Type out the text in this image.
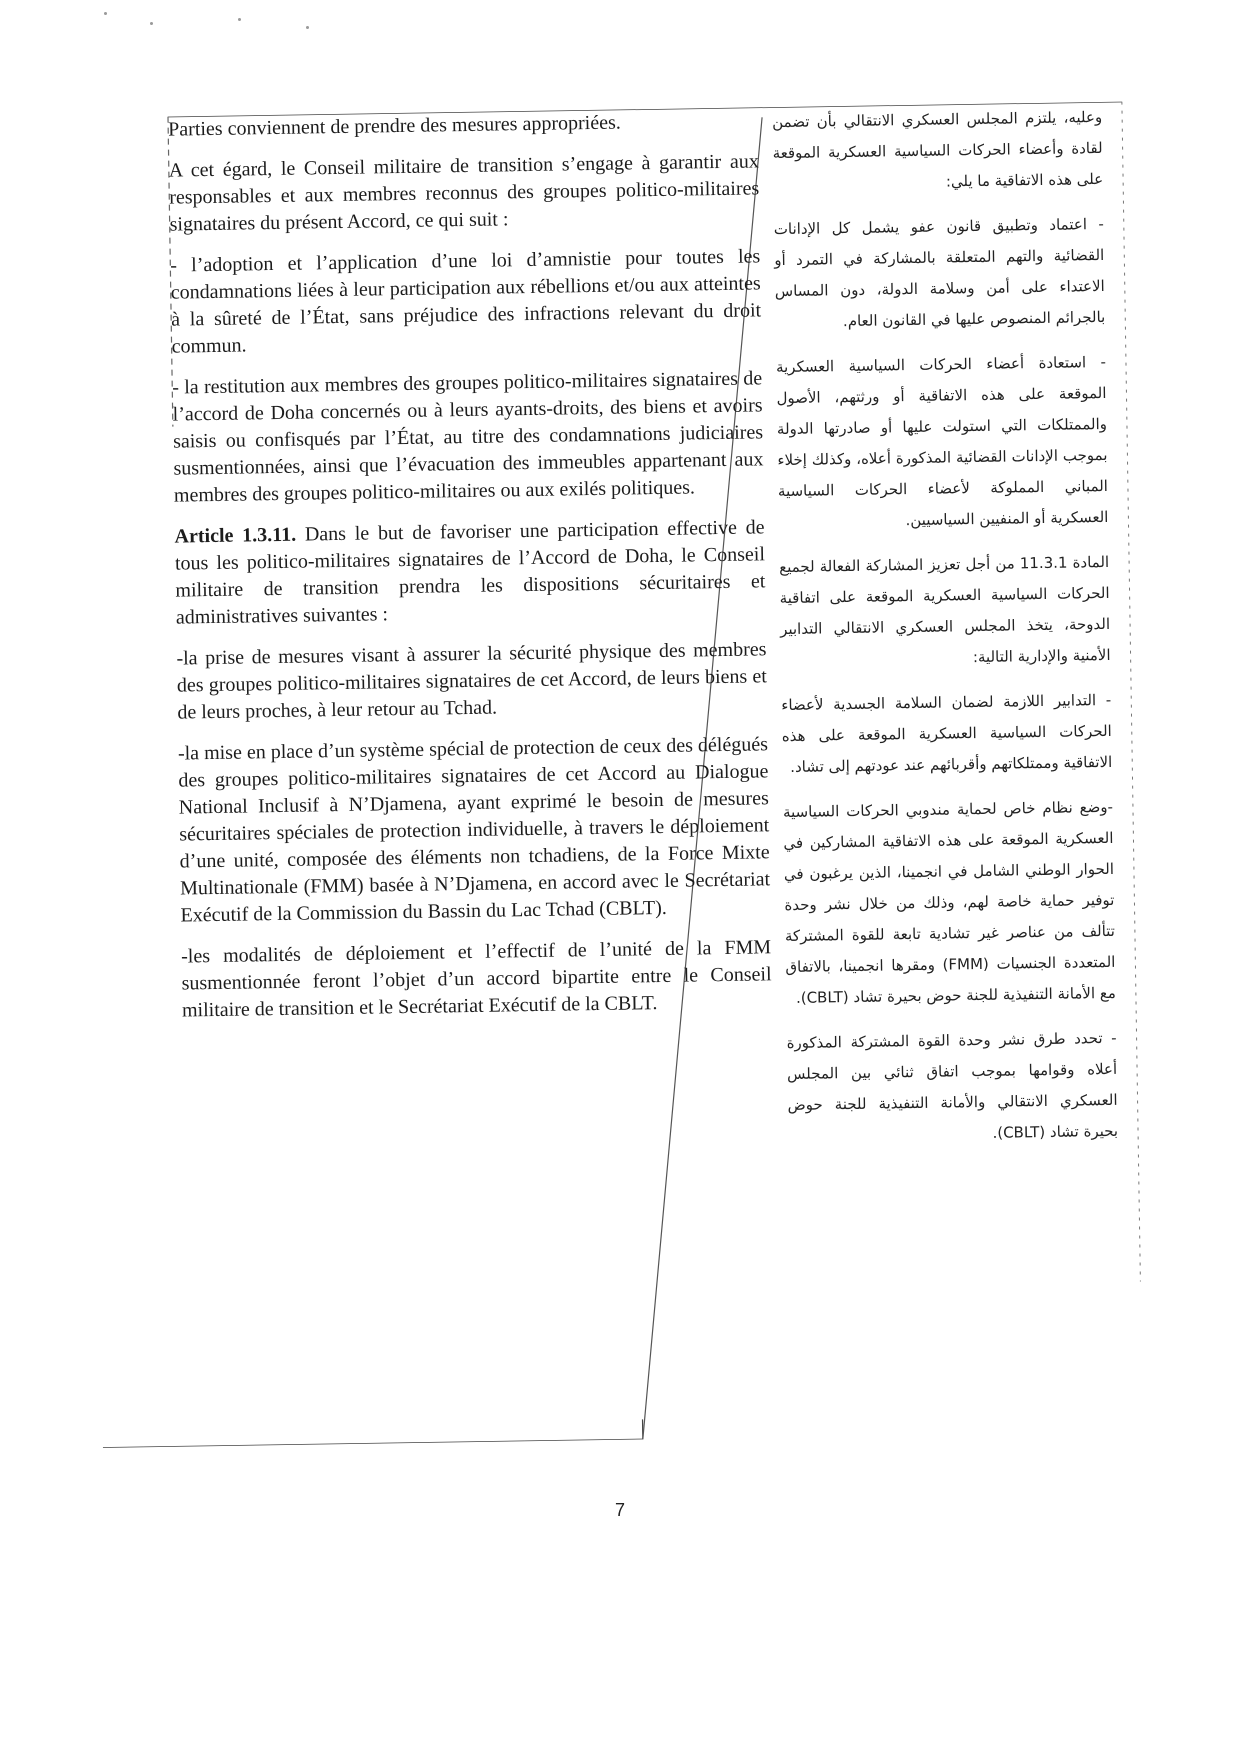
Parties conviennent de prendre des mesures appropriées.

A cet égard, le Conseil militaire de transition s’engage à garantir aux responsables et aux membres reconnus des groupes politico-militaires signataires du présent Accord, ce qui suit :

- l’adoption et l’application d’une loi d’amnistie pour toutes les condamnations liées à leur participation aux rébellions et/ou aux atteintes à la sûreté de l’État, sans préjudice des infractions relevant du droit commun.

- la restitution aux membres des groupes politico-militaires signataires de l’accord de Doha concernés ou à leurs ayants-droits, des biens et avoirs saisis ou confisqués par l’État, au titre des condamnations judiciaires susmentionnées, ainsi que l’évacuation des immeubles appartenant aux membres des groupes politico-militaires ou aux exilés politiques.

Article 1.3.11. Dans le but de favoriser une participation effective de tous les politico-militaires signataires de l’Accord de Doha, le Conseil militaire de transition prendra les dispositions sécuritaires et administratives suivantes :

-la prise de mesures visant à assurer la sécurité physique des membres des groupes politico-militaires signataires de cet Accord, de leurs biens et de leurs proches, à leur retour au Tchad.

-la mise en place d’un système spécial de protection de ceux des délégués des groupes politico-militaires signataires de cet Accord au Dialogue National Inclusif à N’Djamena, ayant exprimé le besoin de mesures sécuritaires spéciales de protection individuelle, à travers le déploiement d’une unité, composée des éléments non tchadiens, de la Force Mixte Multinationale (FMM) basée à N’Djamena, en accord avec le Secrétariat Exécutif de la Commission du Bassin du Lac Tchad (CBLT).

-les modalités de déploiement et l’effectif de l’unité de la FMM susmentionnée feront l’objet d’un accord bipartite entre le Conseil militaire de transition et le Secrétariat Exécutif de la CBLT.

وعليه، يلتزم المجلس العسكري الانتقالي بأن تضمن لقادة وأعضاء الحركات السياسية العسكرية الموقعة على هذه الاتفاقية ما يلي:

- اعتماد وتطبيق قانون عفو يشمل كل الإدانات القضائية والتهم المتعلقة بالمشاركة في التمرد أو الاعتداء على أمن وسلامة الدولة، دون المساس بالجرائم المنصوص عليها في القانون العام.

- استعادة أعضاء الحركات السياسية العسكرية الموقعة على هذه الاتفاقية أو ورثتهم، الأصول والممتلكات التي استولت عليها أو صادرتها الدولة بموجب الإدانات القضائية المذكورة أعلاه، وكذلك إخلاء المباني المملوكة لأعضاء الحركات السياسية العسكرية أو المنفيين السياسيين.

المادة 11.3.1 من أجل تعزيز المشاركة الفعالة لجميع الحركات السياسية العسكرية الموقعة على اتفاقية الدوحة، يتخذ المجلس العسكري الانتقالي التدابير الأمنية والإدارية التالية:

- التدابير اللازمة لضمان السلامة الجسدية لأعضاء الحركات السياسية العسكرية الموقعة على هذه الاتفاقية وممتلكاتهم وأقربائهم عند عودتهم إلى تشاد.

-وضع نظام خاص لحماية مندوبي الحركات السياسية العسكرية الموقعة على هذه الاتفاقية المشاركين في الحوار الوطني الشامل في انجمينا، الذين يرغبون في توفير حماية خاصة لهم، وذلك من خلال نشر وحدة تتألف من عناصر غير تشادية تابعة للقوة المشتركة المتعددة الجنسيات (FMM) ومقرها انجمينا، بالاتفاق مع الأمانة التنفيذية للجنة حوض بحيرة تشاد (CBLT).

- تحدد طرق نشر وحدة القوة المشتركة المذكورة أعلاه وقوامها بموجب اتفاق ثنائي بين المجلس العسكري الانتقالي والأمانة التنفيذية للجنة حوض بحيرة تشاد (CBLT).

7
